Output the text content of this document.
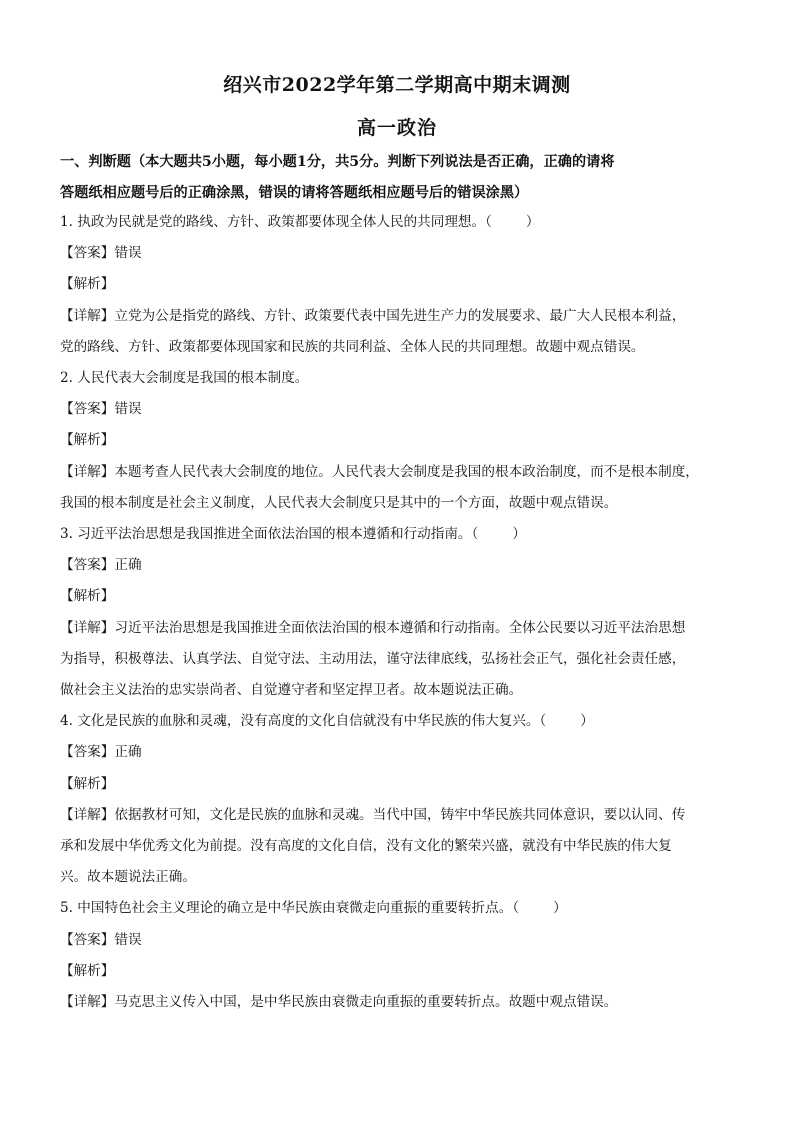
绍兴市2022学年第二学期高中期末调测
高一政治
一、判断题（本大题共5小题，每小题1分，共5分。判断下列说法是否正确，正确的请将
答题纸相应题号后的正确涂黑，错误的请将答题纸相应题号后的错误涂黑）
1. 执政为民就是党的路线、方针、政策都要体现全体人民的共同理想。（	）
【答案】错误
【解析】
【详解】立党为公是指党的路线、方针、政策要代表中国先进生产力的发展要求、最广大人民根本利益，
党的路线、方针、政策都要体现国家和民族的共同利益、全体人民的共同理想。故题中观点错误。
2. 人民代表大会制度是我国的根本制度。
【答案】错误
【解析】
【详解】本题考查人民代表大会制度的地位。人民代表大会制度是我国的根本政治制度，而不是根本制度，
我国的根本制度是社会主义制度，人民代表大会制度只是其中的一个方面，故题中观点错误。
3. 习近平法治思想是我国推进全面依法治国的根本遵循和行动指南。（	）
【答案】正确
【解析】
【详解】习近平法治思想是我国推进全面依法治国的根本遵循和行动指南。全体公民要以习近平法治思想
为指导，积极尊法、认真学法、自觉守法、主动用法，谨守法律底线，弘扬社会正气，强化社会责任感，
做社会主义法治的忠实崇尚者、自觉遵守者和坚定捍卫者。故本题说法正确。
4. 文化是民族的血脉和灵魂，没有高度的文化自信就没有中华民族的伟大复兴。（	）
【答案】正确
【解析】
【详解】依据教材可知，文化是民族的血脉和灵魂。当代中国，铸牢中华民族共同体意识，要以认同、传
承和发展中华优秀文化为前提。没有高度的文化自信，没有文化的繁荣兴盛，就没有中华民族的伟大复
兴。故本题说法正确。
5. 中国特色社会主义理论的确立是中华民族由衰微走向重振的重要转折点。（	）
【答案】错误
【解析】
【详解】马克思主义传入中国，是中华民族由衰微走向重振的重要转折点。故题中观点错误。
